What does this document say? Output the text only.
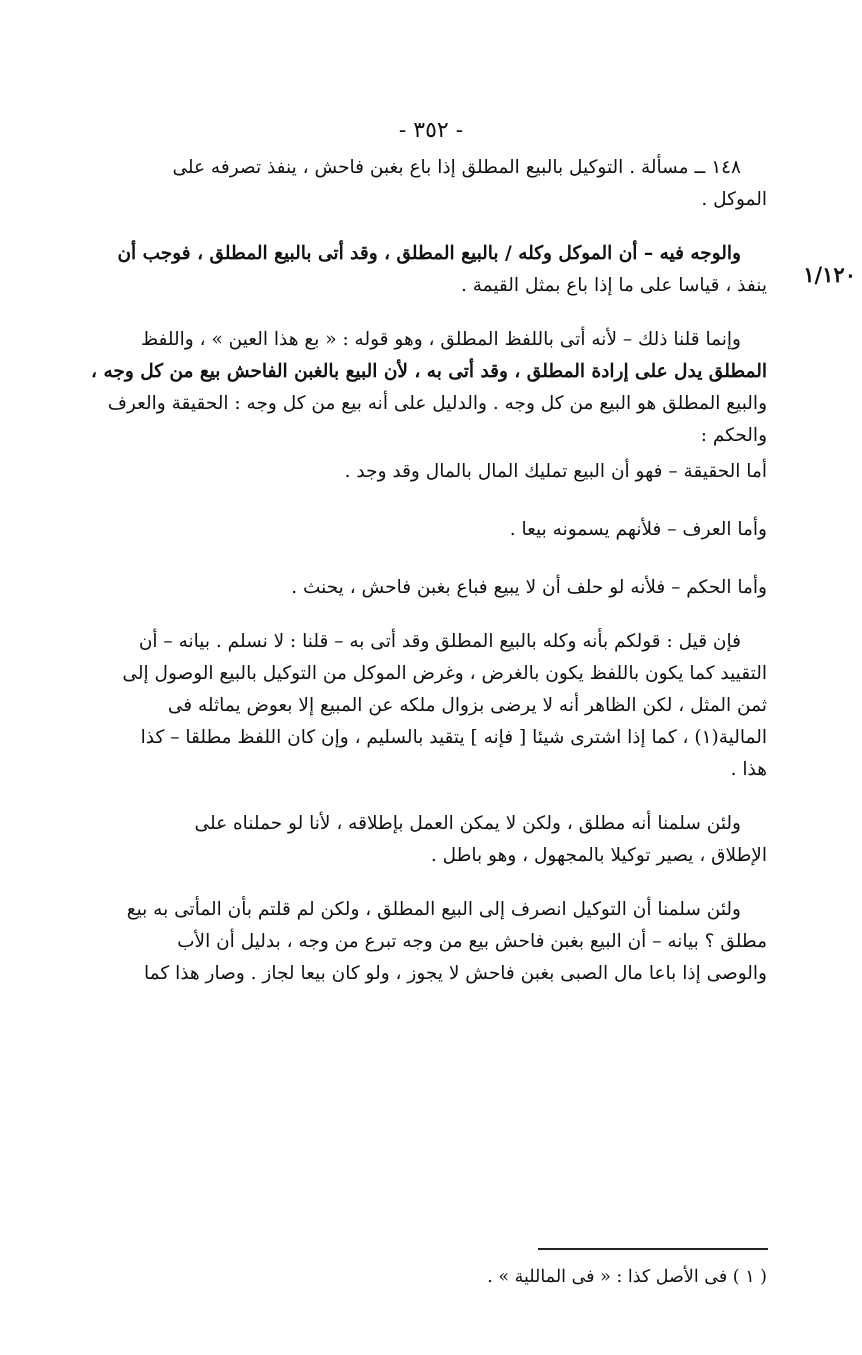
- ٣٥٢ -
١/١٢٠
١٤٨ ــ مسألة . التوكيل بالبيع المطلق إذا باع بغبن فاحش ، ينفذ تصرفه على
الموكل .
والوجه فيه – أن الموكل وكله / بالبيع المطلق ، وقد أتى بالبيع المطلق ، فوجب أن
ينفذ ، قياسا على ما إذا باع بمثل القيمة .
وإنما قلنا ذلك – لأنه أتى باللفظ المطلق ، وهو قوله : « بع هذا العين » ، واللفظ
المطلق يدل على إرادة المطلق ، وقد أتى به ، لأن البيع بالغبن الفاحش بيع من كل وجه ،
والبيع المطلق هو البيع من كل وجه . والدليل على أنه بيع من كل وجه : الحقيقة والعرف
والحكم :
أما الحقيقة – فهو أن البيع تمليك المال بالمال وقد وجد .
وأما العرف – فلأنهم يسمونه بيعا .
وأما الحكم – فلأنه لو حلف أن لا يبيع فباع بغبن فاحش ، يحنث .
فإن قيل : قولكم بأنه وكله بالبيع المطلق وقد أتى به – قلنا : لا نسلم . بيانه – أن
التقييد كما يكون باللفظ يكون بالغرض ، وغرض الموكل من التوكيل بالبيع الوصول إلى
ثمن المثل ، لكن الظاهر أنه لا يرضى بزوال ملكه عن المبيع إلا بعوض يماثله فى
المالية(١) ، كما إذا اشترى شيئا [ فإنه ] يتقيد بالسليم ، وإن كان اللفظ مطلقا – كذا
هذا .
ولئن سلمنا أنه مطلق ، ولكن لا يمكن العمل بإطلاقه ، لأنا لو حملناه على
الإطلاق ، يصير توكيلا بالمجهول ، وهو باطل .
ولئن سلمنا أن التوكيل انصرف إلى البيع المطلق ، ولكن لم قلتم بأن المأتى به بيع
مطلق ؟ بيانه – أن البيع بغبن فاحش بيع من وجه تبرع من وجه ، بدليل أن الأب
والوصى إذا باعا مال الصبى بغبن فاحش لا يجوز ، ولو كان بيعا لجاز . وصار هذا كما
( ١ ) فى الأصل كذا : « فى الماللية » .
